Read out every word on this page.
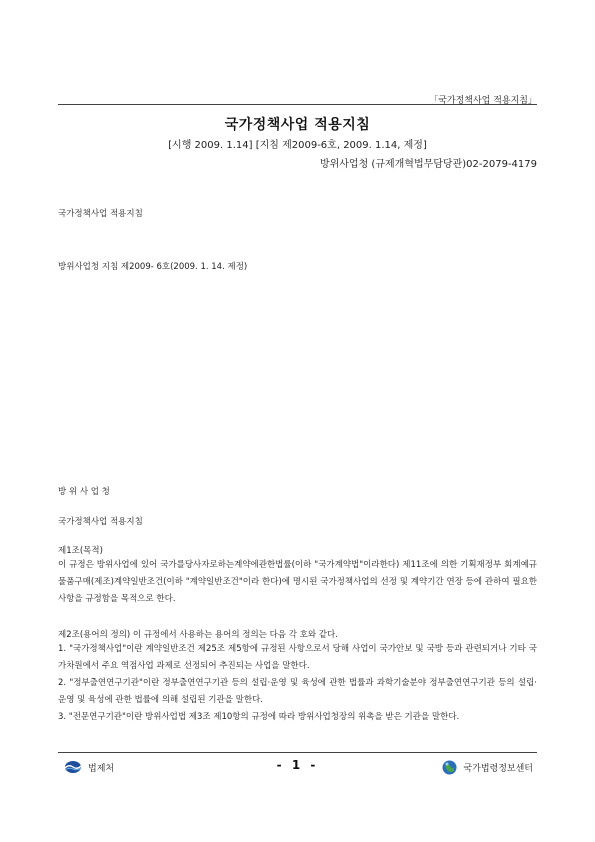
「국가정책사업 적용지침」
국가정책사업 적용지침
[시행 2009. 1.14] [지침 제2009-6호, 2009. 1.14, 제정]
방위사업청 (규제개혁법무담당관)02-2079-4179
국가정책사업 적용지침
방위사업청 지침 제2009- 6호(2009. 1. 14. 제정)
방 위 사 업 청
국가정책사업 적용지침
제1조(목적)
이 규정은 방위사업에 있어 국가를당사자로하는계약에관한법률(이하 "국가계약법"이라한다) 제11조에 의한 기획재정부 회계예규 물품구매(제조)계약일반조건(이하 "계약일반조건"이라 한다)에 명시된 국가정책사업의 선정 및 계약기간 연장 등에 관하여 필요한 사항을 규정함을 목적으로 한다.
제2조(용어의 정의) 이 규정에서 사용하는 용어의 정의는 다음 각 호와 같다.
1. "국가정책사업"이란 계약일반조건 제25조 제5항에 규정된 사항으로서 당해 사업이 국가안보 및 국방 등과 관련되거나 기타 국가차원에서 주요 역점사업 과제로 선정되어 추진되는 사업을 말한다.
2. "정부출연연구기관"이란 정부출연연구기관 등의 설립·운영 및 육성에 관한 법률과 과학기술분야 정부출연연구기관 등의 설립·운영 및 육성에 관한 법률에 의해 설립된 기관을 말한다.
3. "전문연구기관"이란 방위사업법 제3조 제10항의 규정에 따라 방위사업청장의 위촉을 받은 기관을 말한다.
법제처	- 1 -	국가법령정보센터
